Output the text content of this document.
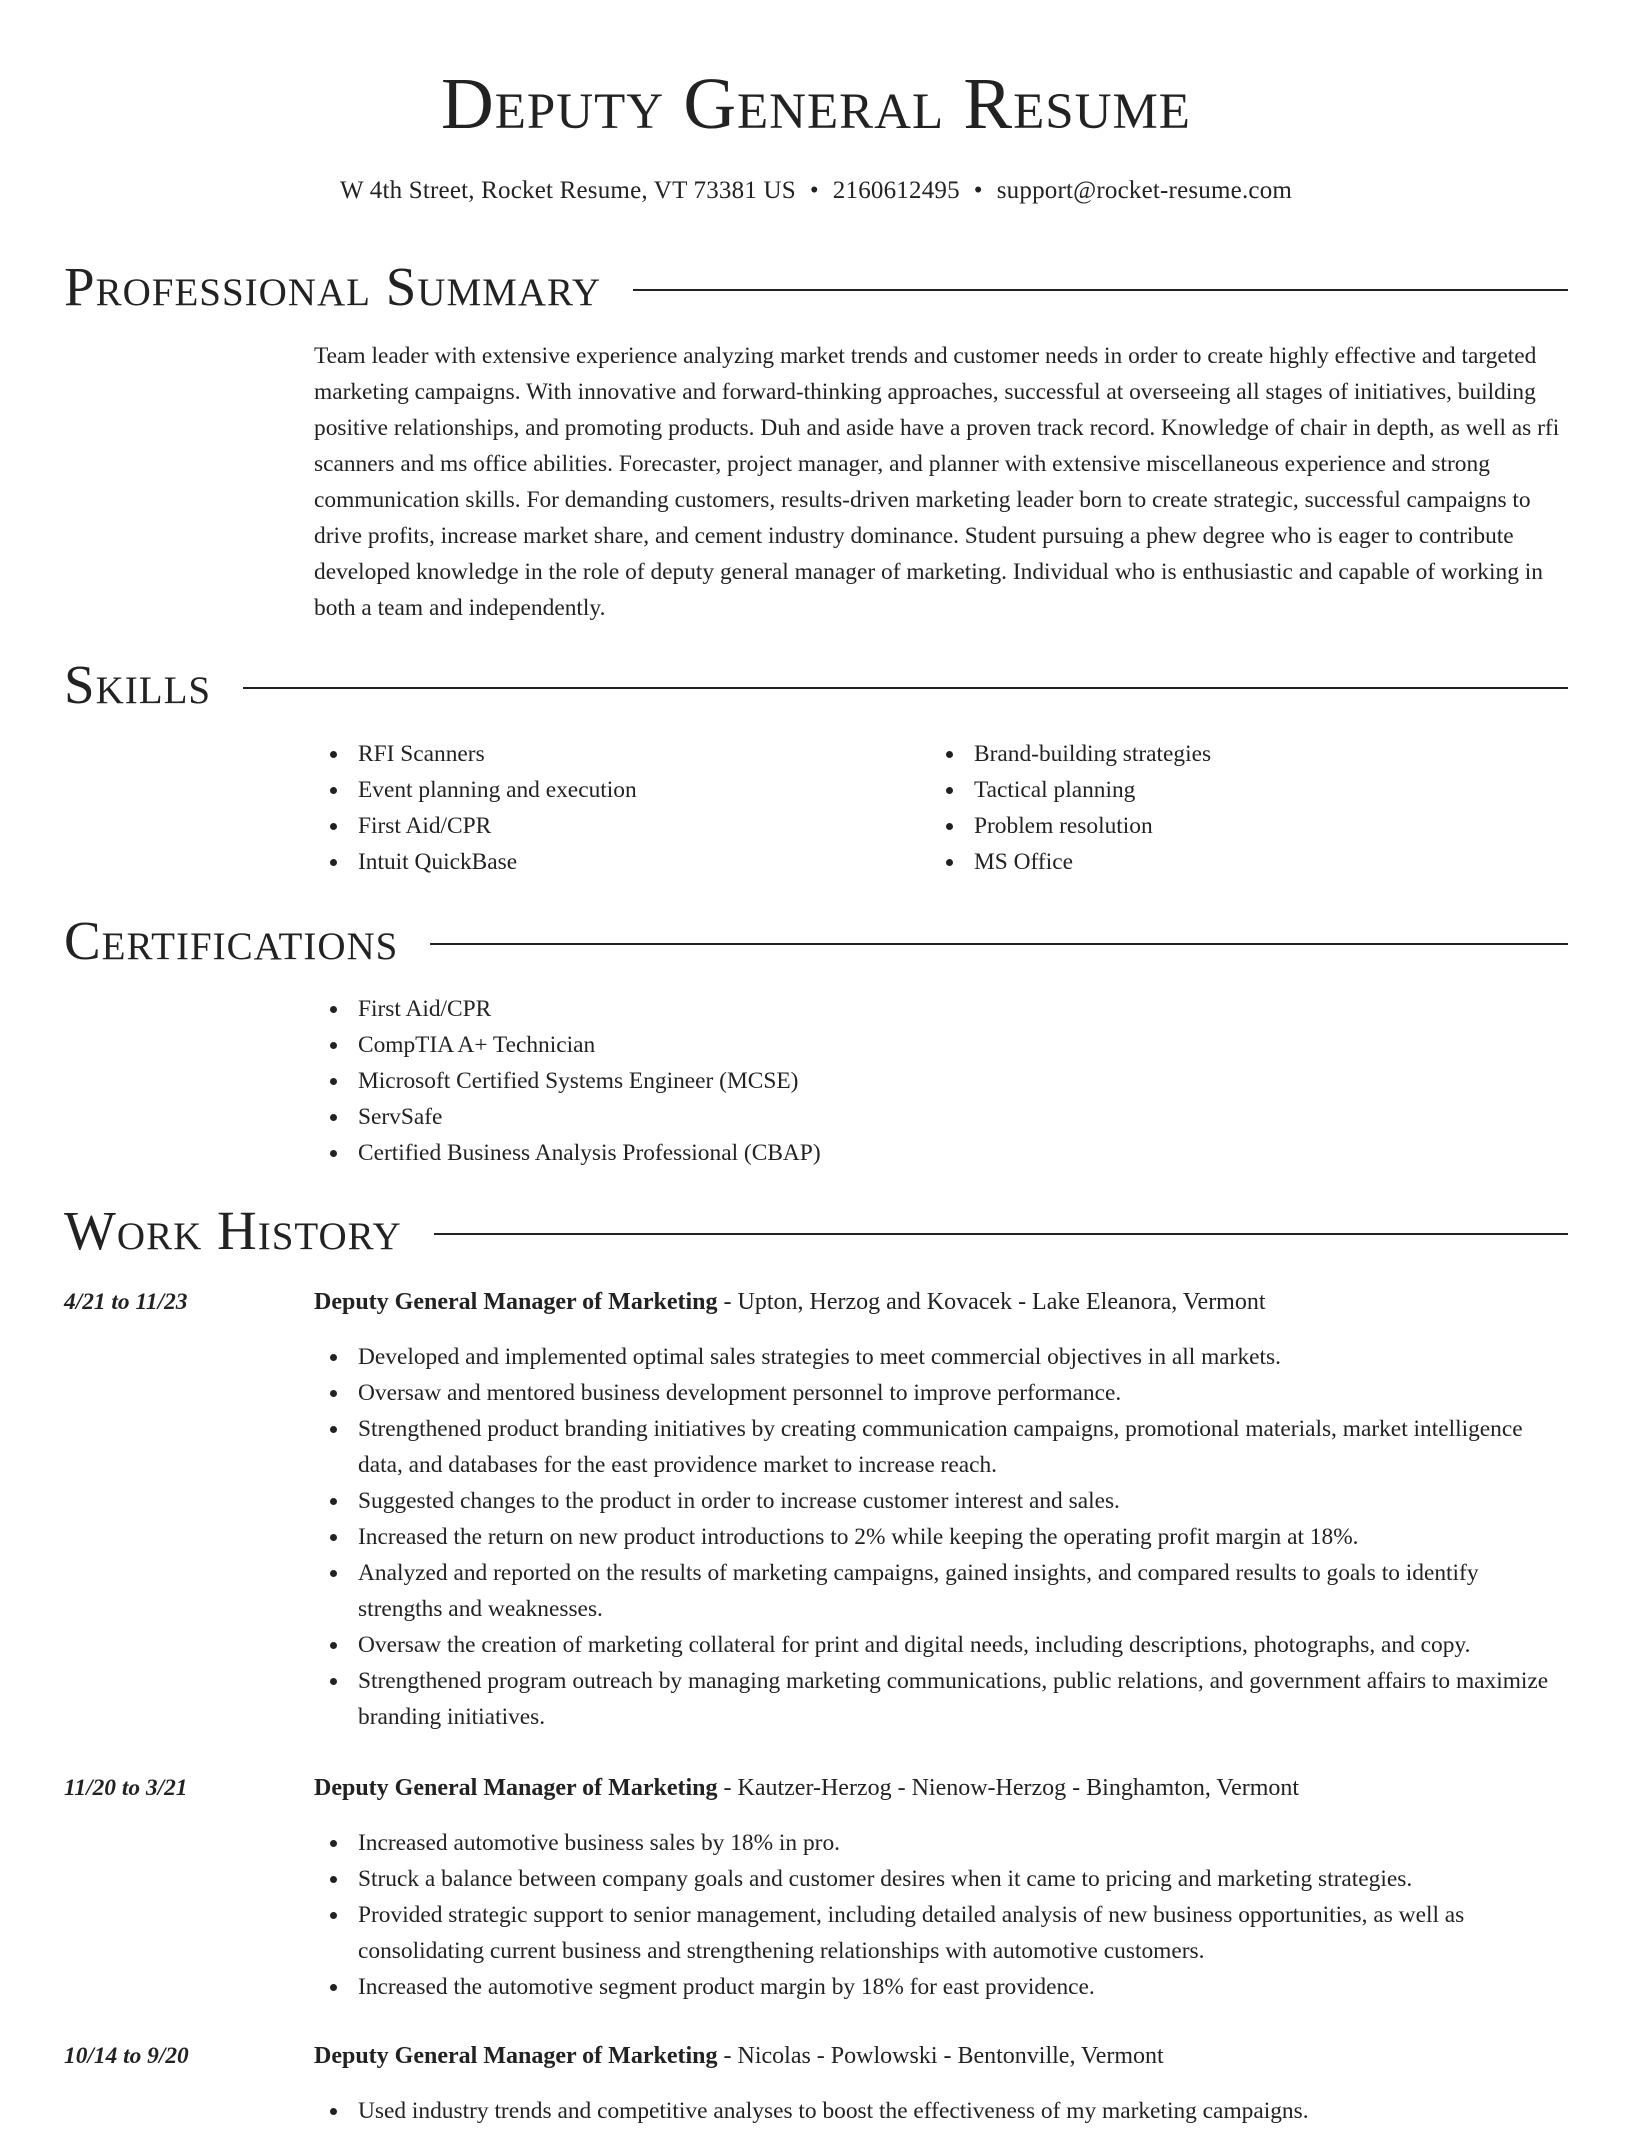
Deputy General Resume
W 4th Street, Rocket Resume, VT 73381 US • 2160612495 • support@rocket-resume.com
Professional Summary

Team leader with extensive experience analyzing market trends and customer needs in order to create highly effective and targeted marketing campaigns. With innovative and forward-thinking approaches, successful at overseeing all stages of initiatives, building positive relationships, and promoting products. Duh and aside have a proven track record. Knowledge of chair in depth, as well as rfi scanners and ms office abilities. Forecaster, project manager, and planner with extensive miscellaneous experience and strong communication skills. For demanding customers, results-driven marketing leader born to create strategic, successful campaigns to drive profits, increase market share, and cement industry dominance. Student pursuing a phew degree who is eager to contribute developed knowledge in the role of deputy general manager of marketing. Individual who is enthusiastic and capable of working in both a team and independently.

Skills
RFI Scanners
Event planning and execution
First Aid/CPR
Intuit QuickBase
Brand-building strategies
Tactical planning
Problem resolution
MS Office
Certifications
First Aid/CPR
CompTIA A+ Technician
Microsoft Certified Systems Engineer (MCSE)
ServSafe
Certified Business Analysis Professional (CBAP)
Work History
4/21 to 11/23	Deputy General Manager of Marketing - Upton, Herzog and Kovacek - Lake Eleanora, Vermont
Developed and implemented optimal sales strategies to meet commercial objectives in all markets.
Oversaw and mentored business development personnel to improve performance.
Strengthened product branding initiatives by creating communication campaigns, promotional materials, market intelligence data, and databases for the east providence market to increase reach.
Suggested changes to the product in order to increase customer interest and sales.
Increased the return on new product introductions to 2% while keeping the operating profit margin at 18%.
Analyzed and reported on the results of marketing campaigns, gained insights, and compared results to goals to identify strengths and weaknesses.
Oversaw the creation of marketing collateral for print and digital needs, including descriptions, photographs, and copy.
Strengthened program outreach by managing marketing communications, public relations, and government affairs to maximize branding initiatives.
11/20 to 3/21	Deputy General Manager of Marketing - Kautzer-Herzog - Nienow-Herzog - Binghamton, Vermont
Increased automotive business sales by 18% in pro.
Struck a balance between company goals and customer desires when it came to pricing and marketing strategies.
Provided strategic support to senior management, including detailed analysis of new business opportunities, as well as consolidating current business and strengthening relationships with automotive customers.
Increased the automotive segment product margin by 18% for east providence.
10/14 to 9/20	Deputy General Manager of Marketing - Nicolas - Powlowski - Bentonville, Vermont
Used industry trends and competitive analyses to boost the effectiveness of my marketing campaigns.
